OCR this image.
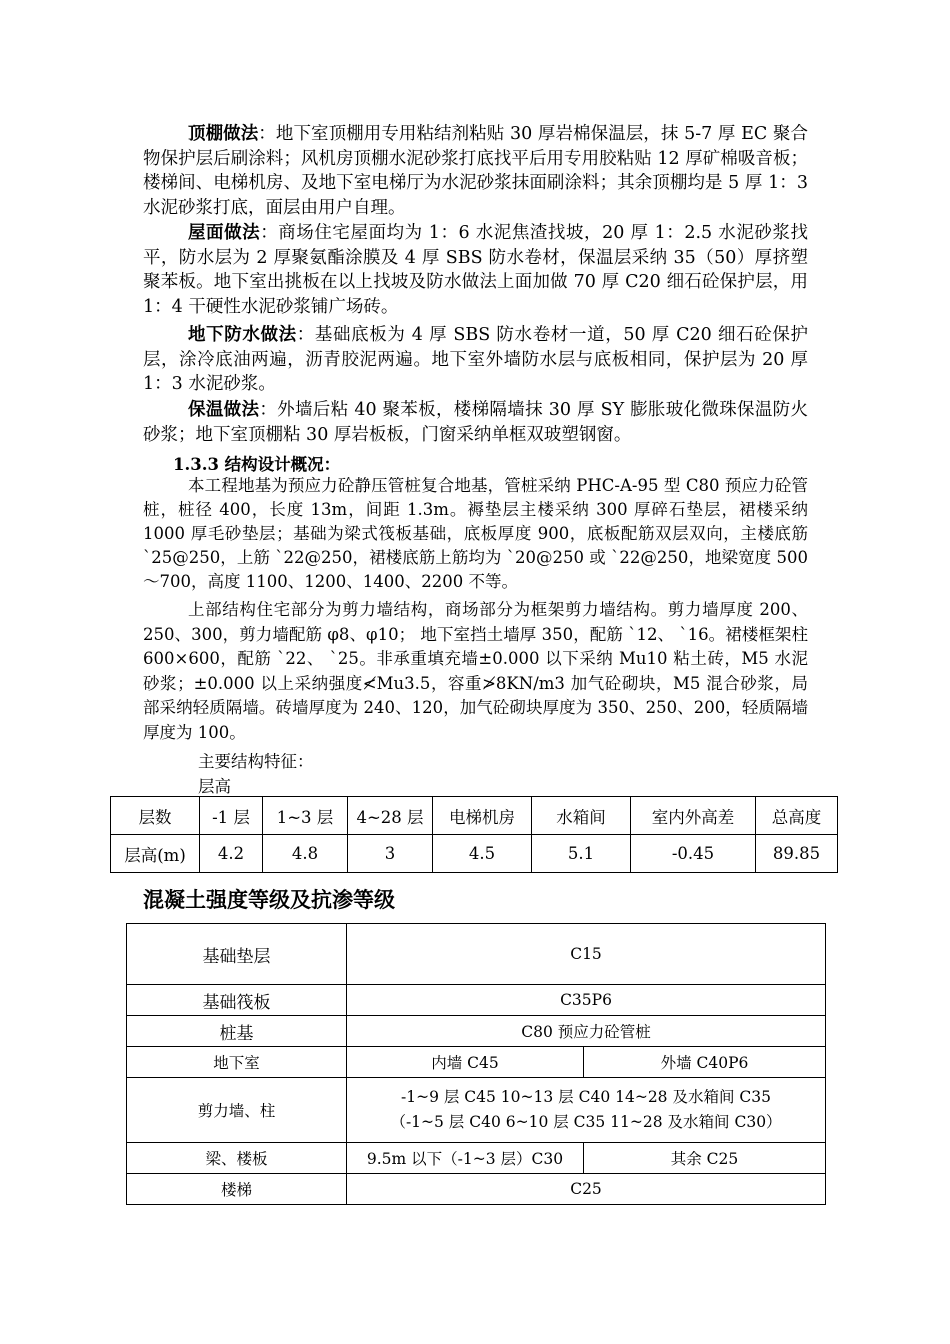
顶棚做法：地下室顶棚用专用粘结剂粘贴 30 厚岩棉保温层，抹 5-7 厚 EC 聚合物保护层后刷涂料；风机房顶棚水泥砂浆打底找平后用专用胶粘贴 12 厚矿棉吸音板；楼梯间、电梯机房、及地下室电梯厅为水泥砂浆抹面刷涂料；其余顶棚均是 5 厚 1：3 水泥砂浆打底，面层由用户自理。

屋面做法：商场住宅屋面均为 1：6 水泥焦渣找坡，20 厚 1：2.5 水泥砂浆找平，防水层为 2 厚聚氨酯涂膜及 4 厚 SBS 防水卷材，保温层采纳 35（50）厚挤塑聚苯板。地下室出挑板在以上找坡及防水做法上面加做 70 厚 C20 细石砼保护层，用 1：4 干硬性水泥砂浆铺广场砖。

地下防水做法：基础底板为 4 厚 SBS 防水卷材一道，50 厚 C20 细石砼保护层，涂冷底油两遍，沥青胶泥两遍。地下室外墙防水层与底板相同，保护层为 20 厚 1：3 水泥砂浆。

保温做法：外墙后粘 40 聚苯板，楼梯隔墙抹 30 厚 SY 膨胀玻化微珠保温防火砂浆；地下室顶棚粘 30 厚岩板板，门窗采纳单框双玻塑钢窗。

1.3.3 结构设计概况：

本工程地基为预应力砼静压管桩复合地基，管桩采纳 PHC-A-95 型 C80 预应力砼管桩，桩径 400，长度 13m，间距 1.3m。褥垫层主楼采纳 300 厚碎石垫层，裙楼采纳 1000 厚毛砂垫层；基础为梁式筏板基础，底板厚度 900，底板配筋双层双向，主楼底筋 `25@250，上筋 `22@250，裙楼底筋上筋均为 `20@250 或 `22@250，地梁宽度 500～700，高度 1100、1200、1400、2200 不等。

上部结构住宅部分为剪力墙结构，商场部分为框架剪力墙结构。剪力墙厚度 200、250、300，剪力墙配筋 φ8、φ10； 地下室挡土墙厚 350，配筋 `12、 `16。裙楼框架柱 600×600，配筋 `22、 `25。非承重填充墙±0.000 以下采纳 Mu10 粘土砖，M5 水泥砂浆；±0.000 以上采纳强度≮Mu3.5，容重≯8KN/m3 加气砼砌块，M5 混合砂浆，局部采纳轻质隔墙。砖墙厚度为 240、120，加气砼砌块厚度为 350、250、200，轻质隔墙厚度为 100。

主要结构特征：

层高

层数	-1 层	1~3 层	4~28 层	电梯机房	水箱间	室内外高差	总高度
层高(m)	4.2	4.8	3	4.5	5.1	-0.45	89.85

混凝土强度等级及抗渗等级

基础垫层	C15	
基础筏板	C35P6	
桩基	C80 预应力砼管桩	
地下室	内墙 C45	外墙 C40P6
剪力墙、柱	-1~9 层 C45 10~13 层 C40 14~28 及水箱间 C35
（-1~5 层 C40 6~10 层 C35 11~28 及水箱间 C30）	

梁、楼板	9.5m 以下（-1~3 层）C30	其余 C25
楼梯	C25	
